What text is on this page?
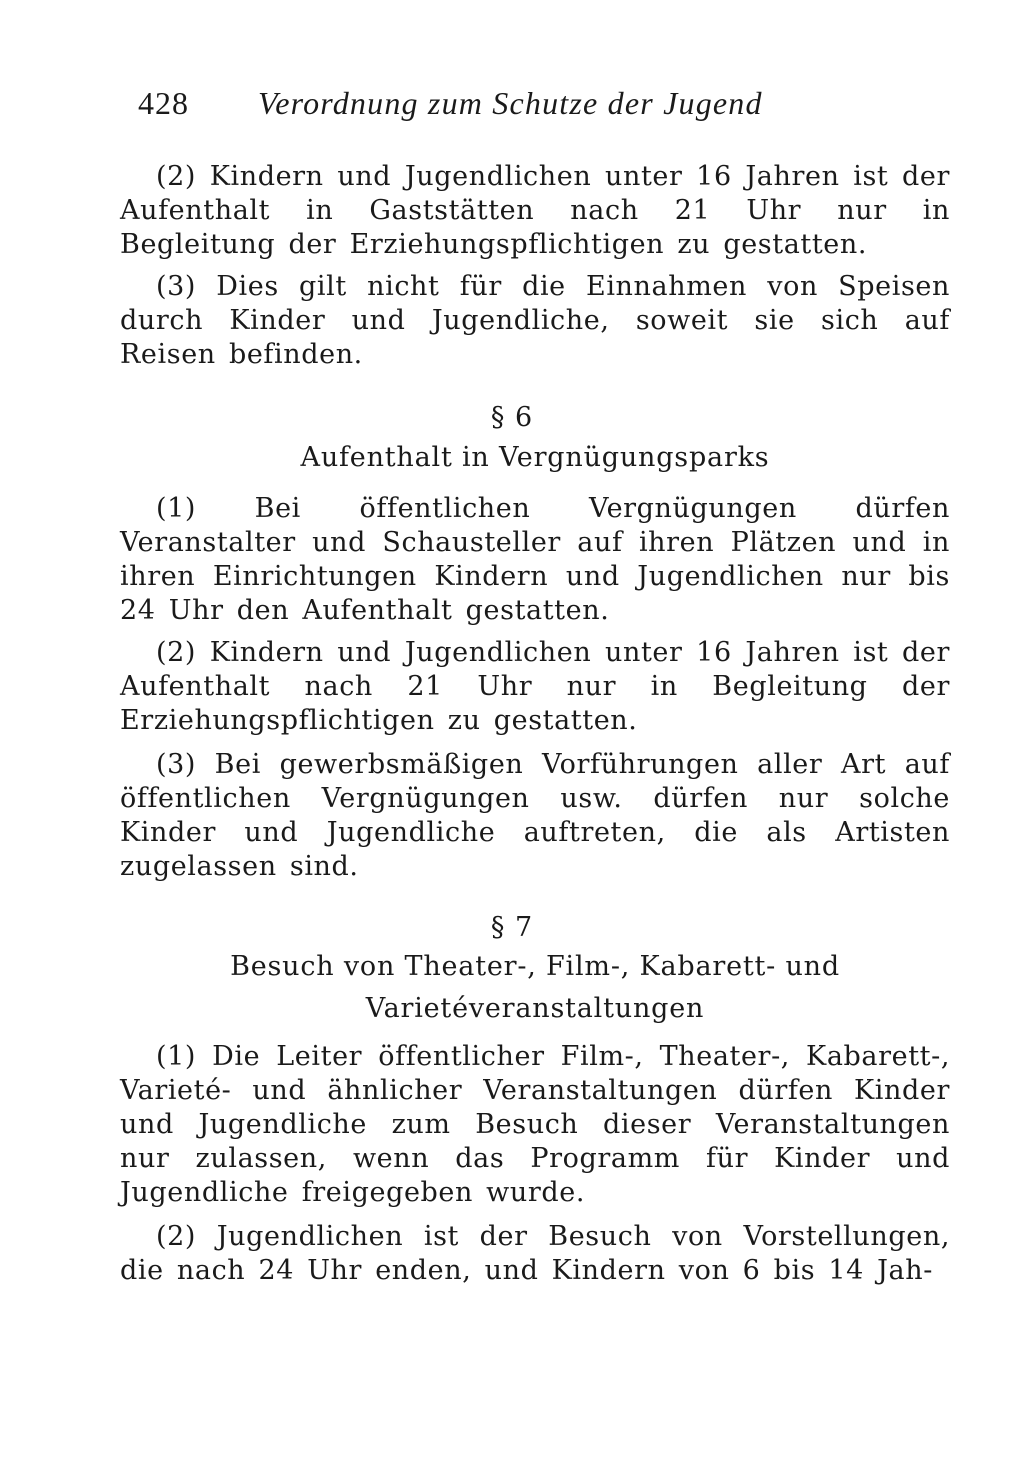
428 Verordnung zum Schutze der Jugend
(2) Kindern und Jugendlichen unter 16 Jahren ist der Aufenthalt in Gaststätten nach 21 Uhr nur in Begleitung der Erziehungspflichtigen zu gestatten.
(3) Dies gilt nicht für die Einnahmen von Speisen durch Kinder und Jugendliche, soweit sie sich auf Reisen befinden.
§ 6
Aufenthalt in Vergnügungsparks
(1) Bei öffentlichen Vergnügungen dürfen Veranstalter und Schausteller auf ihren Plätzen und in ihren Einrichtungen Kindern und Jugendlichen nur bis 24 Uhr den Aufenthalt gestatten.
(2) Kindern und Jugendlichen unter 16 Jahren ist der Aufenthalt nach 21 Uhr nur in Begleitung der Erziehungspflichtigen zu gestatten.
(3) Bei gewerbsmäßigen Vorführungen aller Art auf öffentlichen Vergnügungen usw. dürfen nur solche Kinder und Jugendliche auftreten, die als Artisten zugelassen sind.
§ 7
Besuch von Theater-, Film-, Kabarett- und Varietéveranstaltungen
(1) Die Leiter öffentlicher Film-, Theater-, Kabarett-, Varieté- und ähnlicher Veranstaltungen dürfen Kinder und Jugendliche zum Besuch dieser Veranstaltungen nur zulassen, wenn das Programm für Kinder und Jugendliche freigegeben wurde.
(2) Jugendlichen ist der Besuch von Vorstellungen, die nach 24 Uhr enden, und Kindern von 6 bis 14 Jah-
